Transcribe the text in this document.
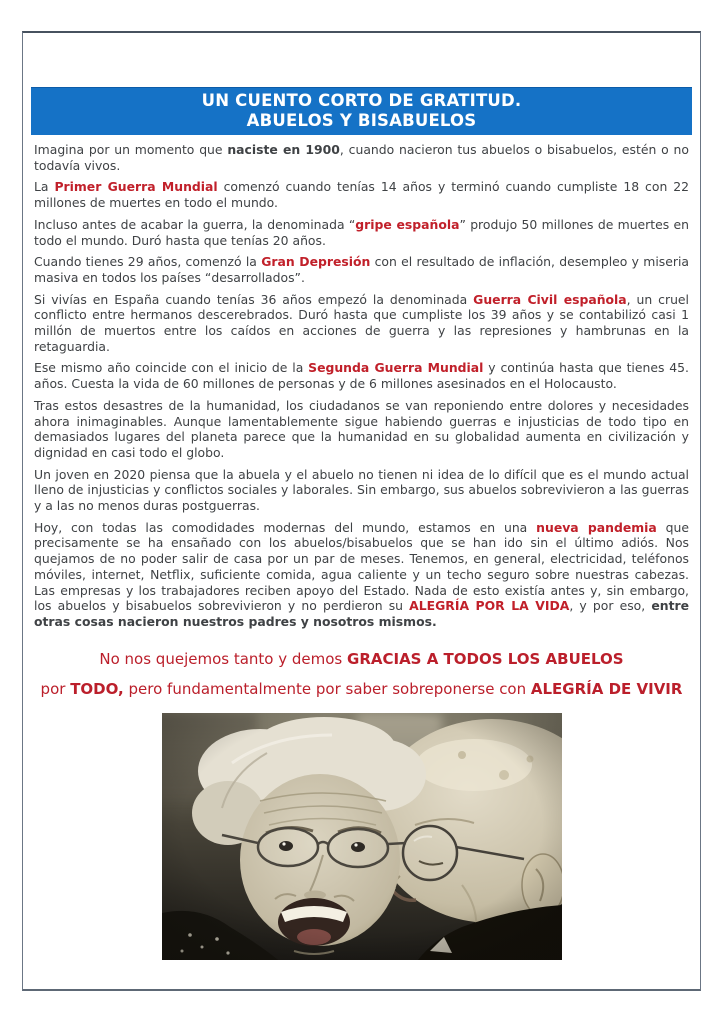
UN CUENTO CORTO DE GRATITUD.
ABUELOS Y BISABUELOS

Imagina por un momento que naciste en 1900, cuando nacieron tus abuelos o bisabuelos, estén o no todavía vivos.

La Primer Guerra Mundial comenzó cuando tenías 14 años y terminó cuando cumpliste 18 con 22 millones de muertes en todo el mundo.

Incluso antes de acabar la guerra, la denominada “gripe española” produjo 50 millones de muertes en todo el mundo. Duró hasta que tenías 20 años.

Cuando tienes 29 años, comenzó la Gran Depresión con el resultado de inflación, desempleo y miseria masiva en todos los países “desarrollados”.

Si vivías en España cuando tenías 36 años empezó la denominada Guerra Civil española, un cruel conflicto entre hermanos descerebrados. Duró hasta que cumpliste los 39 años y se contabilizó casi 1 millón de muertos entre los caídos en acciones de guerra y las represiones y hambrunas en la retaguardia.

Ese mismo año coincide con el inicio de la Segunda Guerra Mundial y continúa hasta que tienes 45. años. Cuesta la vida de 60 millones de personas y de 6 millones asesinados en el Holocausto.

Tras estos desastres de la humanidad, los ciudadanos se van reponiendo entre dolores y necesidades ahora inimaginables. Aunque lamentablemente sigue habiendo guerras e injusticias de todo tipo en demasiados lugares del planeta parece que la humanidad en su globalidad aumenta en civilización y dignidad en casi todo el globo.

Un joven en 2020 piensa que la abuela y el abuelo no tienen ni idea de lo difícil que es el mundo actual lleno de injusticias y conflictos sociales y laborales. Sin embargo, sus abuelos sobrevivieron a las guerras y a las no menos duras postguerras.

Hoy, con todas las comodidades modernas del mundo, estamos en una nueva pandemia que precisamente se ha ensañado con los abuelos/bisabuelos que se han ido sin el último adiós. Nos quejamos de no poder salir de casa por un par de meses. Tenemos, en general, electricidad, teléfonos móviles, internet, Netflix, suficiente comida, agua caliente y un techo seguro sobre nuestras cabezas. Las empresas y los trabajadores reciben apoyo del Estado. Nada de esto existía antes y, sin embargo, los abuelos y bisabuelos sobrevivieron y no perdieron su ALEGRÍA POR LA VIDA, y por eso, entre otras cosas nacieron nuestros padres y nosotros mismos.

No nos quejemos tanto y demos GRACIAS A TODOS LOS ABUELOS
por TODO, pero fundamentalmente por saber sobreponerse con ALEGRÍA DE VIVIR
